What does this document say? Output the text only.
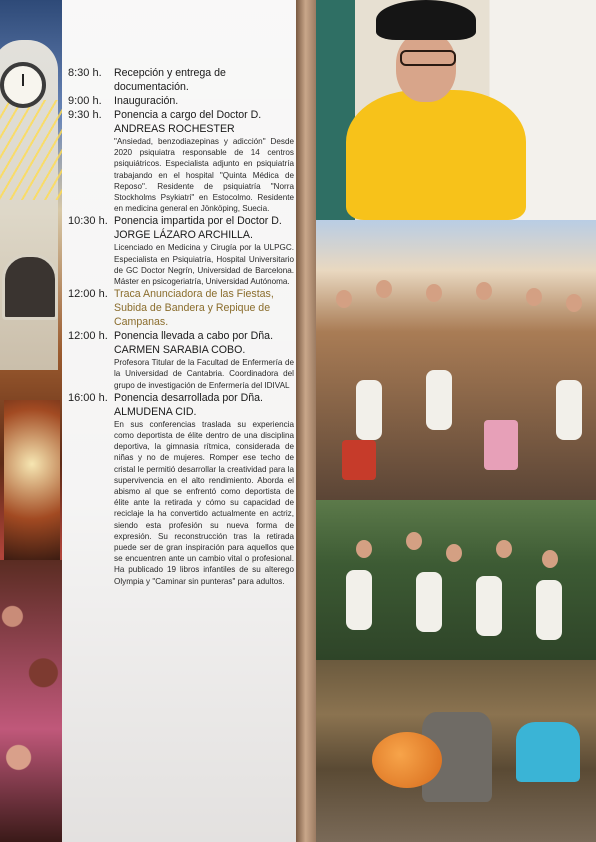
8:30 h.	Recepción y entrega de documentación.
9:00 h.	Inauguración.
9:30 h.	Ponencia a cargo del Doctor D. ANDREAS ROCHESTER
"Ansiedad, benzodiazepinas y adicción" Desde 2020 psiquiatra responsable de 14 centros psiquiátricos. Especialista adjunto en psiquiatría trabajando en el hospital "Quinta Médica de Reposo". Residente de psiquiatría "Norra Stockholms Psykiatri" en Estocolmo. Residente en medicina general en Jönköping, Suecia.
10:30 h. Ponencia impartida por el Doctor D. JORGE LÁZARO ARCHILLA.
Licenciado en Medicina y Cirugía por la ULPGC. Especialista en Psiquiatría, Hospital Universitario de GC Doctor Negrín, Universidad de Barcelona. Máster en psicogeriatría, Universidad Autónoma.
12:00 h. Traca Anunciadora de las Fiestas, Subida de Bandera y Repique de Campanas.
12:00 h. Ponencia llevada a cabo por Dña. CARMEN SARABIA COBO.
Profesora Titular de la Facultad de Enfermería de la Universidad de Cantabria. Coordinadora del grupo de investigación de Enfermería del IDIVAL
16:00 h. Ponencia desarrollada por Dña. ALMUDENA CID.
En sus conferencias traslada su experiencia como deportista de élite dentro de una disciplina deportiva, la gimnasia rítmica, considerada de niñas y no de mujeres. Romper ese techo de cristal le permitió desarrollar la creatividad para la supervivencia en el alto rendimiento. Aborda el abismo al que se enfrentó como deportista de élite ante la retirada y cómo su capacidad de reciclaje la ha convertido actualmente en actriz, siendo esta profesión su nueva forma de expresión. Su reconstrucción tras la retirada puede ser de gran inspiración para aquellos que se encuentren ante un cambio vital o profesional. Ha publicado 19 libros infantiles de su alterego Olympia y "Caminar sin punteras" para adultos.
